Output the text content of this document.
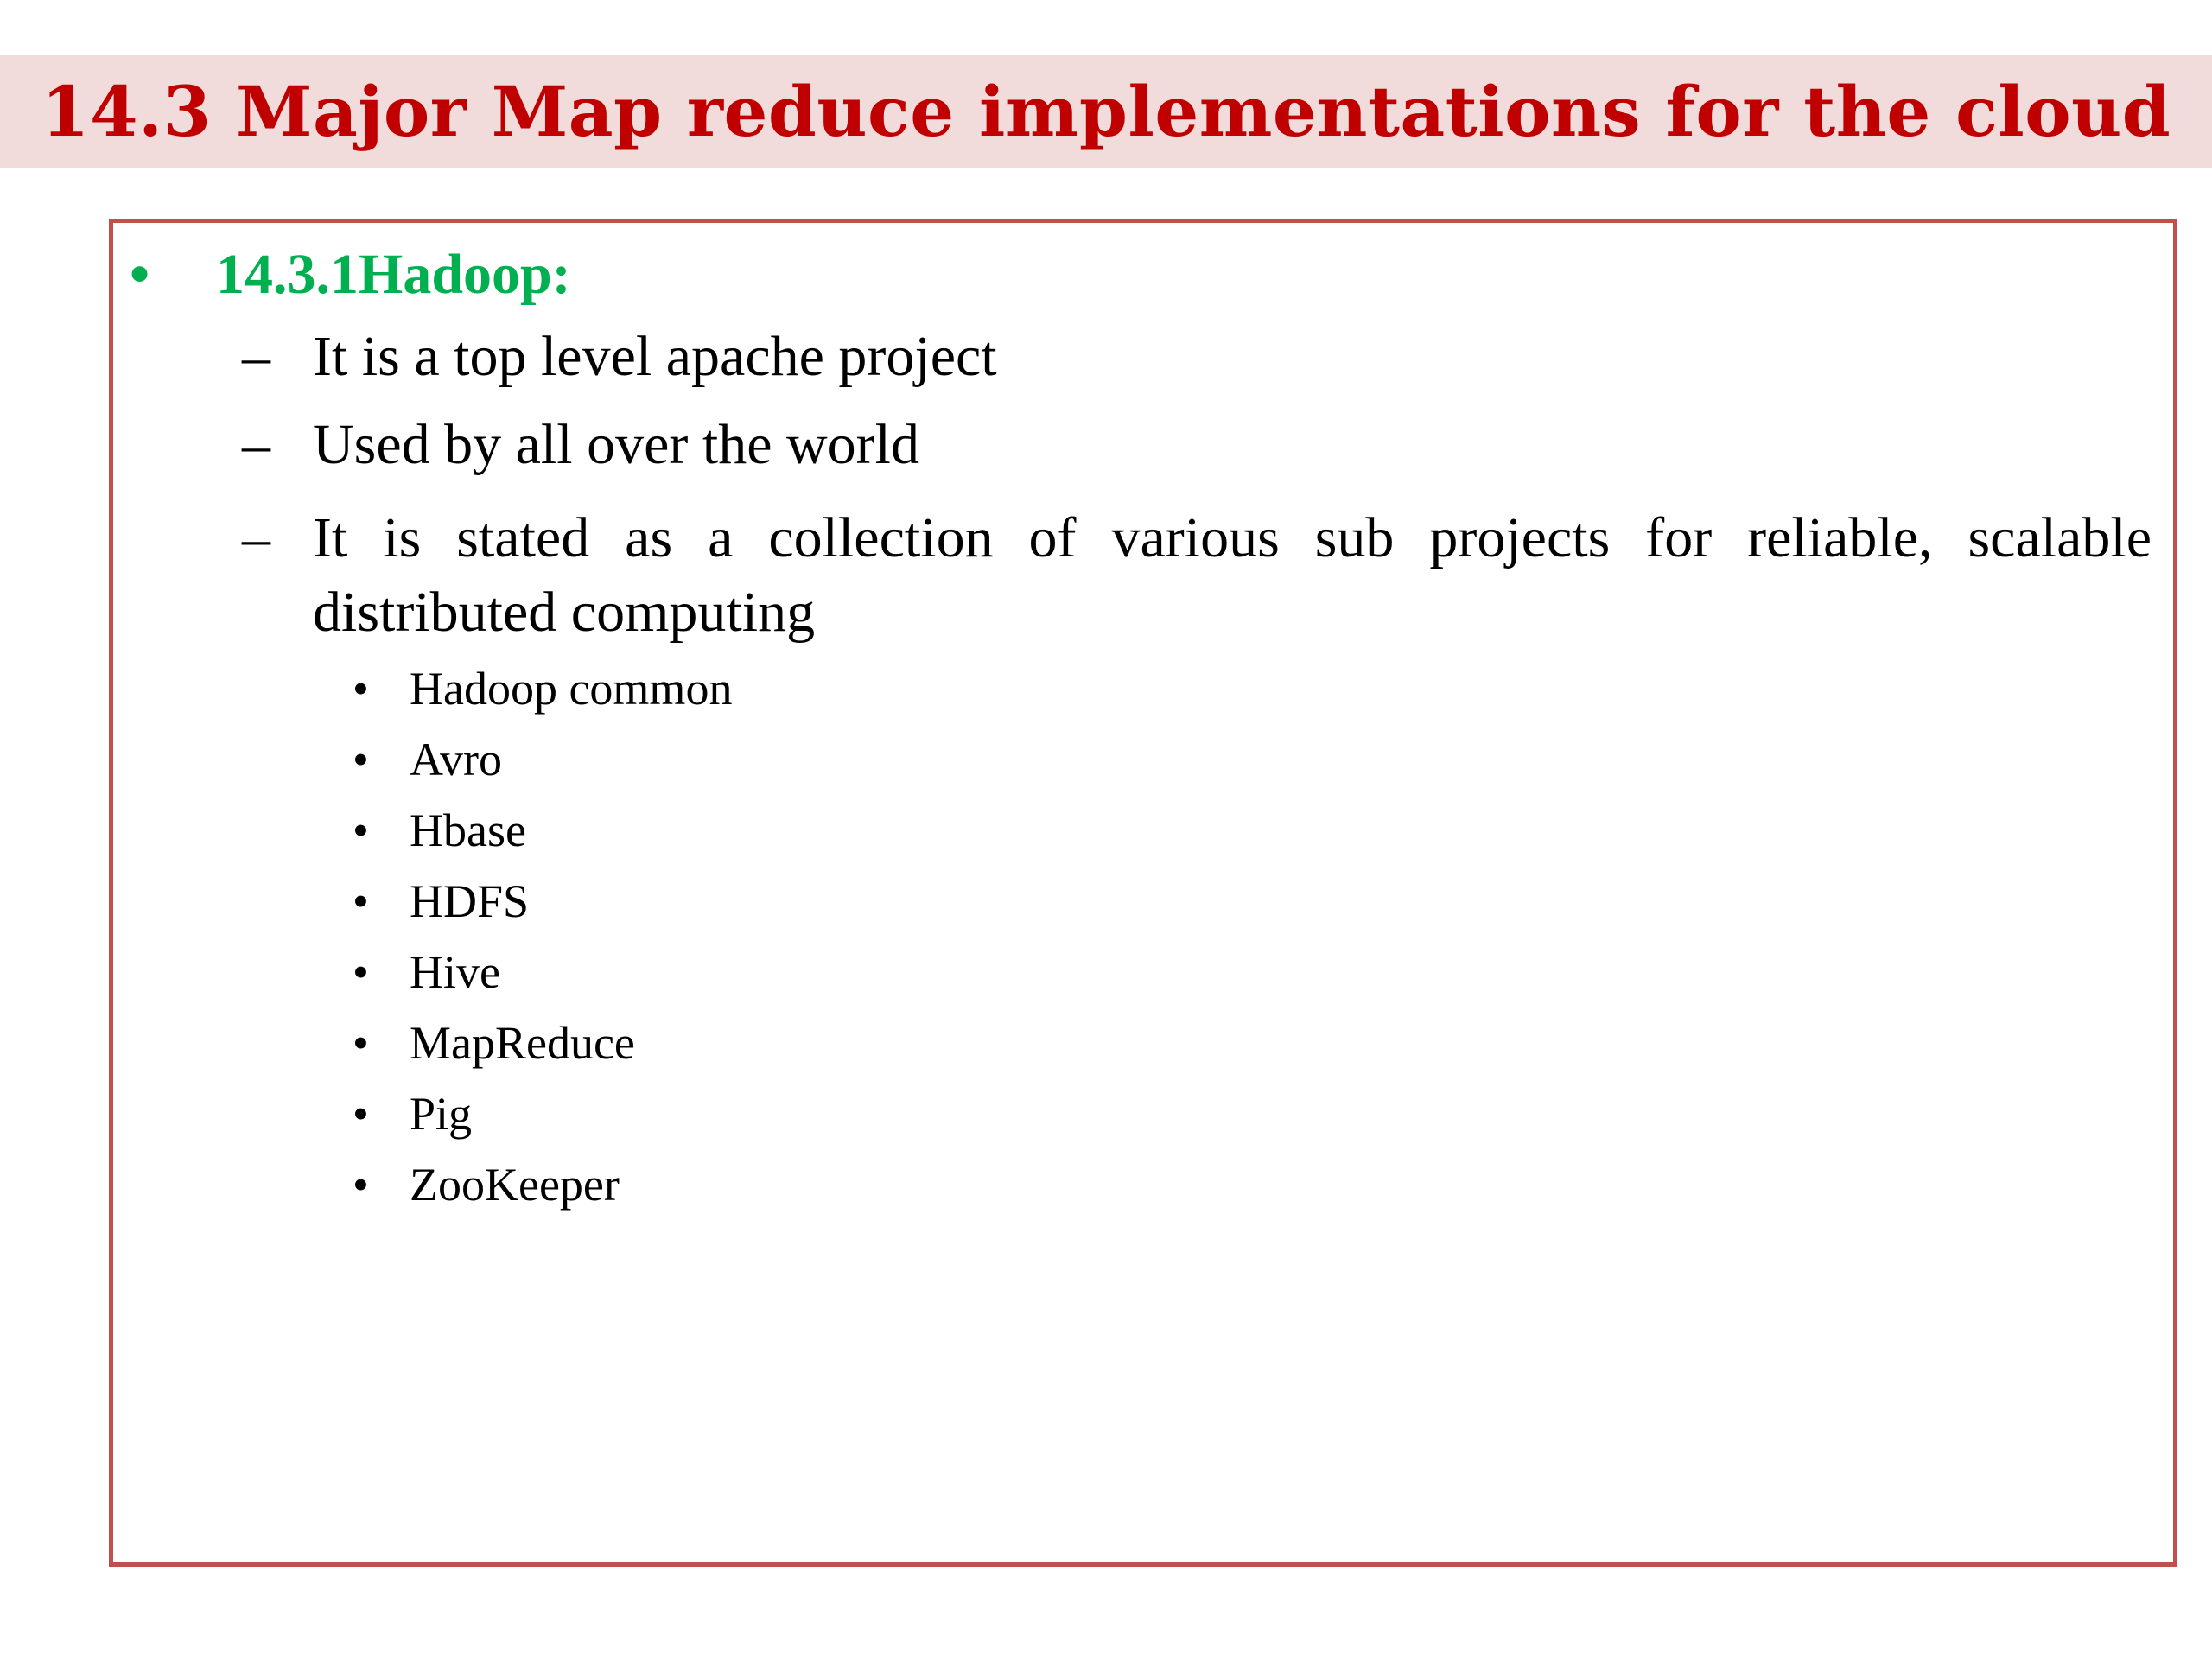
14.3 Major Map reduce implementations for the cloud
• 14.3.1Hadoop:
– It is a top level apache project
– Used by all over the world
– It is stated as a collection of various sub projects for reliable, scalable distributed computing
• Hadoop common
• Avro
• Hbase
• HDFS
• Hive
• MapReduce
• Pig
• ZooKeeper
